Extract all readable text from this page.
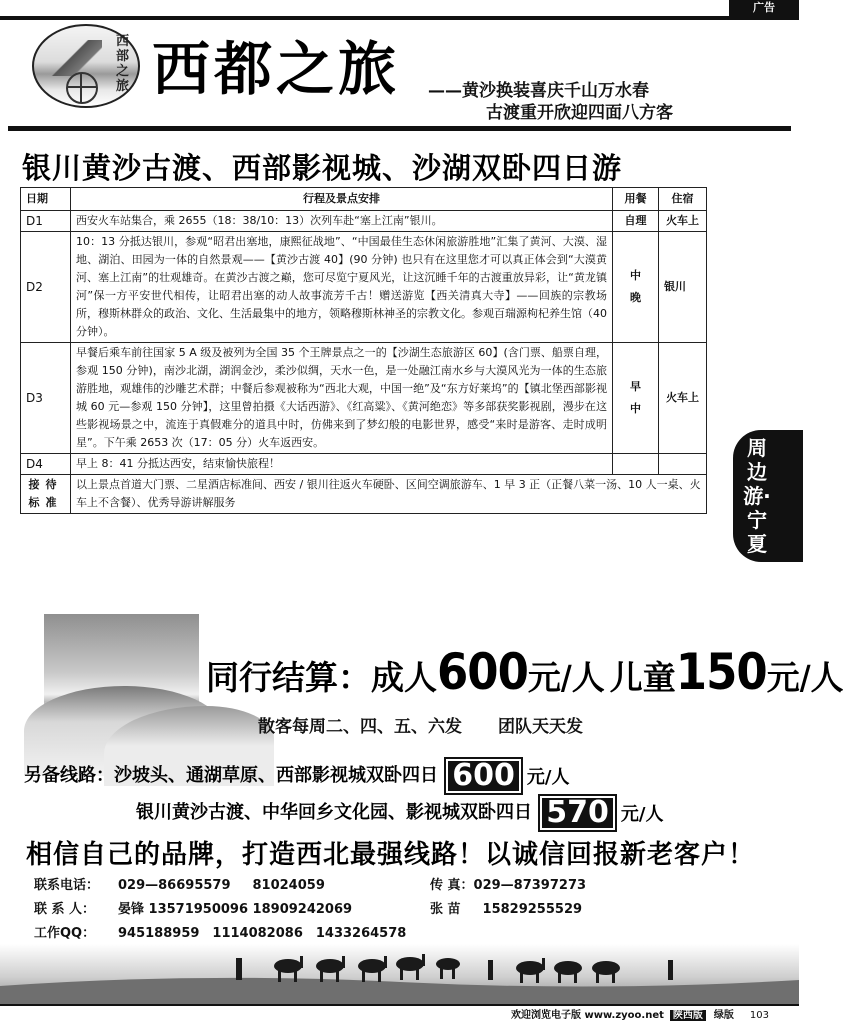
广告
西部之旅 西都之旅 ——黄沙换装喜庆千山万水春
古渡重开欣迎四面八方客
银川黄沙古渡、西部影视城、沙湖双卧四日游
日期	行程及景点安排	用餐	住宿
D1	西安火车站集合，乘 2655（18：38/10：13）次列车赴“塞上江南”银川。	自理	火车上
D2	10：13 分抵达银川，参观“昭君出塞地，康熙征战地”、“中国最佳生态休闲旅游胜地”汇集了黄河、大漠、湿地、湖泊、田园为一体的自然景观——【黄沙古渡 40】(90 分钟) 也只有在这里您才可以真正体会到“大漠黄河、塞上江南”的壮观雄奇。在黄沙古渡之巅，您可尽览宁夏风光，让这沉睡千年的古渡重放异彩，让“黄龙镇河”保一方平安世代相传，让昭君出塞的动人故事流芳千古！赠送游览【西关清真大寺】——回族的宗教场所，穆斯林群众的政治、文化、生活最集中的地方，领略穆斯林神圣的宗教文化。参观百瑞源枸杞养生馆（40 分钟）。	中晚	银川
D3	早餐后乘车前往国家 5 A 级及被列为全国 35 个王牌景点之一的【沙湖生态旅游区 60】(含门票、船票自理，参观 150 分钟)，南沙北湖，湖润金沙，柔沙似绸，天水一色，是一处融江南水乡与大漠风光为一体的生态旅游胜地，观雄伟的沙雕艺术群；中餐后参观被称为“西北大观，中国一绝”及“东方好莱坞”的【镇北堡西部影视城 60 元—参观 150 分钟】，这里曾拍摄《大话西游》、《红高粱》、《黄河绝恋》等多部获奖影视剧，漫步在这些影视场景之中，流连于真假难分的道具中时，仿佛来到了梦幻般的电影世界，感受“来时是游客、走时成明星”。下午乘 2653 次（17：05 分）火车返西安。	早中	火车上
D4	早上 8：41 分抵达西安，结束愉快旅程！		

接待
标准	以上景点首道大门票、二星酒店标准间、西安 / 银川往返火车硬卧、区间空调旅游车、1 早 3 正（正餐八菜一汤、10 人一桌、火车上不含餐）、优秀导游讲解服务		
周边游·宁夏
同行结算：成人600元/人 儿童150元/人
散客每周二、四、五、六发 团队天天发
另备线路：沙坡头、通湖草原、西部影视城双卧四日 600 元/人
银川黄沙古渡、中华回乡文化园、影视城双卧四日 570 元/人
相信自己的品牌，打造西北最强线路！以诚信回报新老客户！
联系电话： 029—86695579 81024059	传 真：029—87397273
联 系 人： 晏锋 13571950096 18909242069	张 苗 15829255529
工作QQ： 945188959　1114082086　1433264578
欢迎浏览电子版 www.zyoo.net 陕西版 绿版 103
